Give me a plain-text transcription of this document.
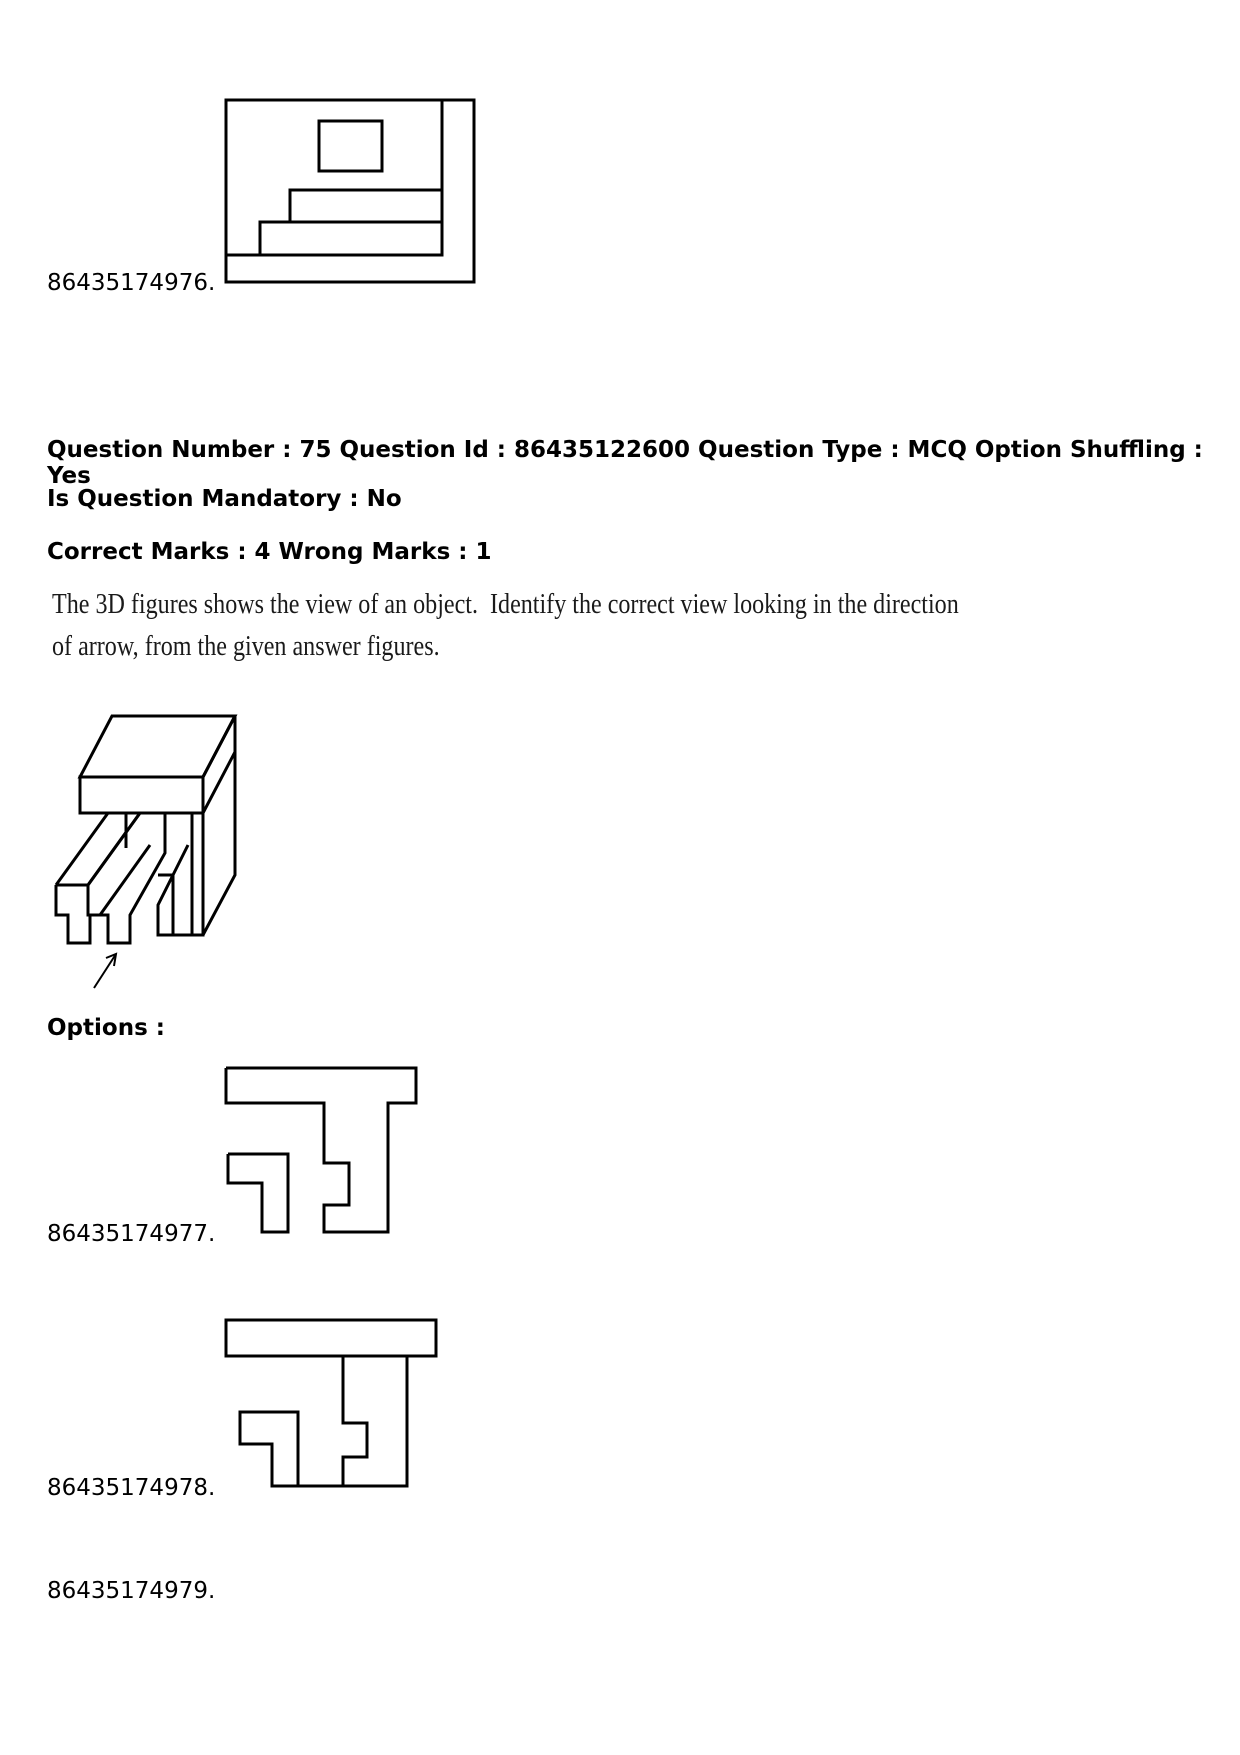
86435174976.
Question Number : 75 Question Id : 86435122600 Question Type : MCQ Option Shuffling : Yes
Is Question Mandatory : No
Correct Marks : 4 Wrong Marks : 1
The 3D figures shows the view of an object.  Identify the correct view looking in the direction
of arrow, from the given answer figures.
Options :
86435174977.
86435174978.
86435174979.
